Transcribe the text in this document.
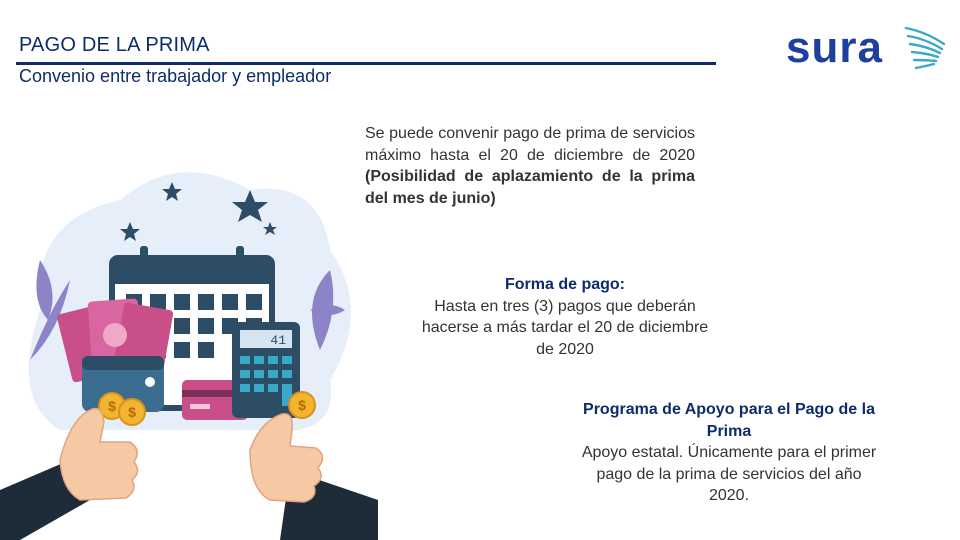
PAGO DE LA PRIMA
Convenio entre trabajador y empleador
sura
Se puede convenir pago de prima de servicios máximo hasta el 20 de diciembre de 2020 (Posibilidad de aplazamiento de la prima del mes de junio)
Forma de pago:
Hasta en tres (3) pagos que deberán hacerse a más tardar el 20 de diciembre de 2020
Programa de Apoyo para el Pago de la Prima
Apoyo estatal. Únicamente para el primer pago de la prima de servicios del año 2020.
41
$ $	$
